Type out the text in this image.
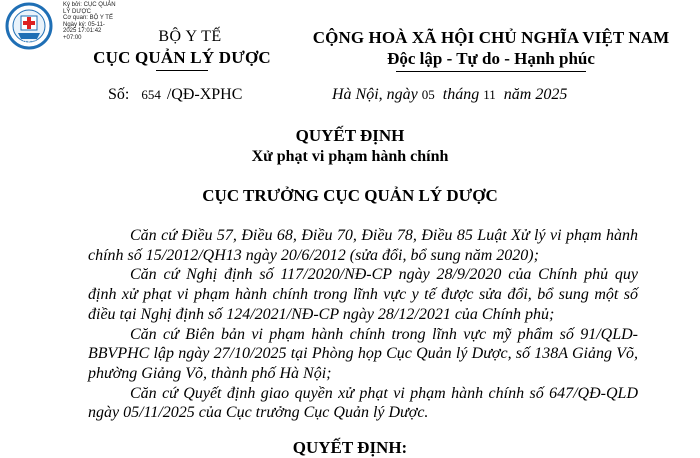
D.A.V
Ký bởi: CỤC QUẢN
LÝ DƯỢC
Cơ quan: BỘ Y TẾ
Ngày ký: 05-11-
2025 17:01:42
+07:00	BỘ Y TẾ
CỤC QUẢN LÝ DƯỢC
CỘNG HOÀ XÃ HỘI CHỦ NGHĨA VIỆT NAM
Độc lập - Tự do - Hạnh phúc
Số: 654 /QĐ-XPHC	Hà Nội, ngày 05 tháng 11 năm 2025
QUYẾT ĐỊNH
Xử phạt vi phạm hành chính
CỤC TRƯỞNG CỤC QUẢN LÝ DƯỢC

Căn cứ Điều 57, Điều 68, Điều 70, Điều 78, Điều 85 Luật Xử lý vi phạm hành chính số 15/2012/QH13 ngày 20/6/2012 (sửa đổi, bổ sung năm 2020);

Căn cứ Nghị định số 117/2020/NĐ-CP ngày 28/9/2020 của Chính phủ quy định xử phạt vi phạm hành chính trong lĩnh vực y tế được sửa đổi, bổ sung một số điều tại Nghị định số 124/2021/NĐ-CP ngày 28/12/2021 của Chính phủ;

Căn cứ Biên bản vi phạm hành chính trong lĩnh vực mỹ phẩm số 91/QLD-BBVPHC lập ngày 27/10/2025 tại Phòng họp Cục Quản lý Dược, số 138A Giảng Võ, phường Giảng Võ, thành phố Hà Nội;

Căn cứ Quyết định giao quyền xử phạt vi phạm hành chính số 647/QĐ-QLD ngày 05/11/2025 của Cục trưởng Cục Quản lý Dược.

QUYẾT ĐỊNH:
